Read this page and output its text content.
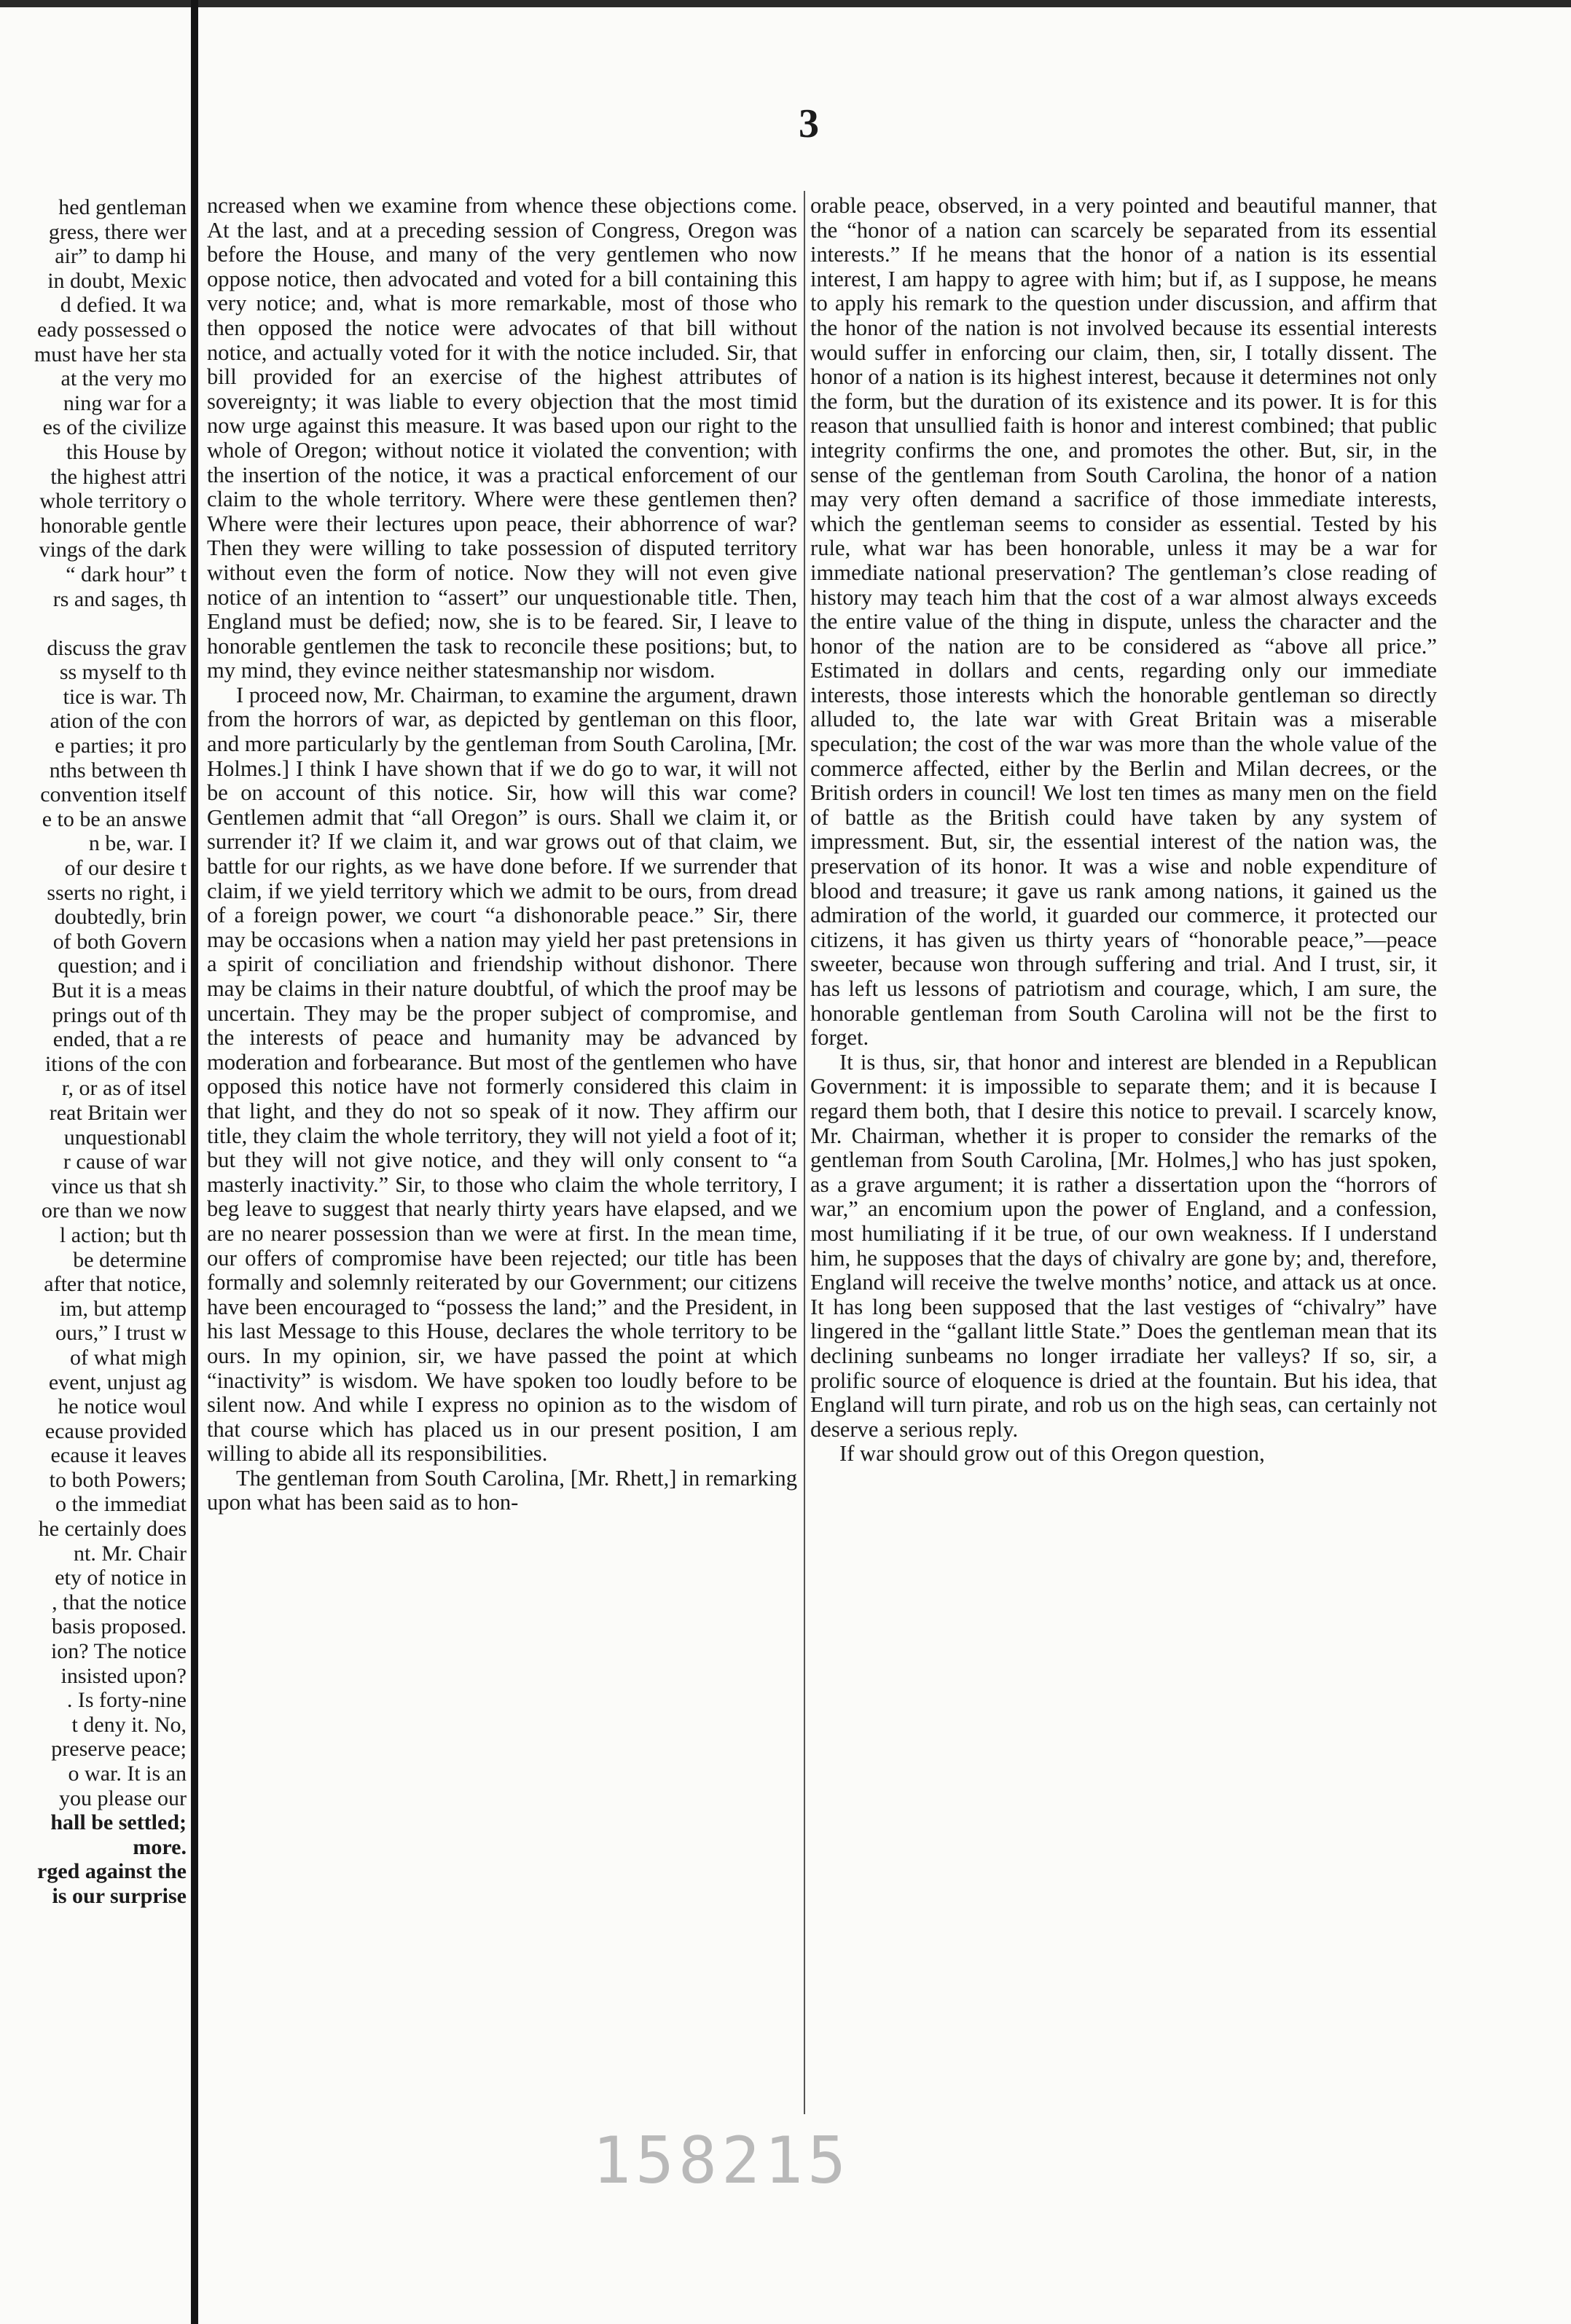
hed gentleman
gress, there wer
air” to damp hi
in doubt, Mexic
d defied. It wa
eady possessed o
must have her sta
at the very mo
ning war for a
es of the civilize
this House by
the highest attri
whole territory o
honorable gentle
vings of the dark
“ dark hour” t
rs and sages, th

discuss the grav
ss myself to th
tice is war. Th
ation of the con
e parties; it pro
nths between th
convention itself
e to be an answe
n be, war. I
of our desire t
sserts no right, i
doubtedly, brin
of both Govern
question; and i
But it is a meas
prings out of th
ended, that a re
itions of the con
r, or as of itsel
reat Britain wer
unquestionabl
r cause of war
vince us that sh
ore than we now
l action; but th
be determine
after that notice,
im, but attemp
ours,” I trust w
of what migh
event, unjust ag
he notice woul
ecause provided
ecause it leaves
to both Powers;
o the immediat
he certainly does
nt. Mr. Chair
ety of notice in
, that the notice
basis proposed.
ion? The notice
insisted upon?
. Is forty-nine
t deny it. No,
preserve peace;
o war. It is an
you please our
hall be settled;
more.
rged against the
is our surprise
3

ncreased when we examine from whence these objections come. At the last, and at a preceding session of Congress, Oregon was before the House, and many of the very gentlemen who now oppose notice, then advocated and voted for a bill containing this very notice; and, what is more remarkable, most of those who then opposed the notice were advocates of that bill without notice, and actually voted for it with the notice included. Sir, that bill provided for an exercise of the highest attributes of sovereignty; it was liable to every objection that the most timid now urge against this measure. It was based upon our right to the whole of Oregon; without notice it violated the convention; with the insertion of the notice, it was a practical enforcement of our claim to the whole territory. Where were these gentlemen then? Where were their lectures upon peace, their abhorrence of war? Then they were willing to take possession of disputed territory without even the form of notice. Now they will not even give notice of an intention to “assert” our unquestionable title. Then, England must be defied; now, she is to be feared. Sir, I leave to honorable gentlemen the task to reconcile these positions; but, to my mind, they evince neither statesmanship nor wisdom.

I proceed now, Mr. Chairman, to examine the argument, drawn from the horrors of war, as depicted by gentleman on this floor, and more particularly by the gentleman from South Carolina, [Mr. Holmes.] I think I have shown that if we do go to war, it will not be on account of this notice. Sir, how will this war come? Gentlemen admit that “all Oregon” is ours. Shall we claim it, or surrender it? If we claim it, and war grows out of that claim, we battle for our rights, as we have done before. If we surrender that claim, if we yield territory which we admit to be ours, from dread of a foreign power, we court “a dishonorable peace.” Sir, there may be occasions when a nation may yield her past pretensions in a spirit of conciliation and friendship without dishonor. There may be claims in their nature doubtful, of which the proof may be uncertain. They may be the proper subject of compromise, and the interests of peace and humanity may be advanced by moderation and forbearance. But most of the gentlemen who have opposed this notice have not formerly considered this claim in that light, and they do not so speak of it now. They affirm our title, they claim the whole territory, they will not yield a foot of it; but they will not give notice, and they will only consent to “a masterly inactivity.” Sir, to those who claim the whole territory, I beg leave to suggest that nearly thirty years have elapsed, and we are no nearer possession than we were at first. In the mean time, our offers of compromise have been rejected; our title has been formally and solemnly reiterated by our Government; our citizens have been encouraged to “possess the land;” and the President, in his last Message to this House, declares the whole territory to be ours. In my opinion, sir, we have passed the point at which “inactivity” is wisdom. We have spoken too loudly before to be silent now. And while I express no opinion as to the wisdom of that course which has placed us in our present position, I am willing to abide all its responsibilities.

The gentleman from South Carolina, [Mr. Rhett,] in remarking upon what has been said as to hon-

orable peace, observed, in a very pointed and beautiful manner, that the “honor of a nation can scarcely be separated from its essential interests.” If he means that the honor of a nation is its essential interest, I am happy to agree with him; but if, as I suppose, he means to apply his remark to the question under discussion, and affirm that the honor of the nation is not involved because its essential interests would suffer in enforcing our claim, then, sir, I totally dissent. The honor of a nation is its highest interest, because it determines not only the form, but the duration of its existence and its power. It is for this reason that unsullied faith is honor and interest combined; that public integrity confirms the one, and promotes the other. But, sir, in the sense of the gentleman from South Carolina, the honor of a nation may very often demand a sacrifice of those immediate interests, which the gentleman seems to consider as essential. Tested by his rule, what war has been honorable, unless it may be a war for immediate national preservation? The gentleman’s close reading of history may teach him that the cost of a war almost always exceeds the entire value of the thing in dispute, unless the character and the honor of the nation are to be considered as “above all price.” Estimated in dollars and cents, regarding only our immediate interests, those interests which the honorable gentleman so directly alluded to, the late war with Great Britain was a miserable speculation; the cost of the war was more than the whole value of the commerce affected, either by the Berlin and Milan decrees, or the British orders in council! We lost ten times as many men on the field of battle as the British could have taken by any system of impressment. But, sir, the essential interest of the nation was, the preservation of its honor. It was a wise and noble expenditure of blood and treasure; it gave us rank among nations, it gained us the admiration of the world, it guarded our commerce, it protected our citizens, it has given us thirty years of “honorable peace,”—peace sweeter, because won through suffering and trial. And I trust, sir, it has left us lessons of patriotism and courage, which, I am sure, the honorable gentleman from South Carolina will not be the first to forget.

It is thus, sir, that honor and interest are blended in a Republican Government: it is impossible to separate them; and it is because I regard them both, that I desire this notice to prevail. I scarcely know, Mr. Chairman, whether it is proper to consider the remarks of the gentleman from South Carolina, [Mr. Holmes,] who has just spoken, as a grave argument; it is rather a dissertation upon the “horrors of war,” an encomium upon the power of England, and a confession, most humiliating if it be true, of our own weakness. If I understand him, he supposes that the days of chivalry are gone by; and, therefore, England will receive the twelve months’ notice, and attack us at once. It has long been supposed that the last vestiges of “chivalry” have lingered in the “gallant little State.” Does the gentleman mean that its declining sunbeams no longer irradiate her valleys? If so, sir, a prolific source of eloquence is dried at the fountain. But his idea, that England will turn pirate, and rob us on the high seas, can certainly not deserve a serious reply.

If war should grow out of this Oregon question,

158215
